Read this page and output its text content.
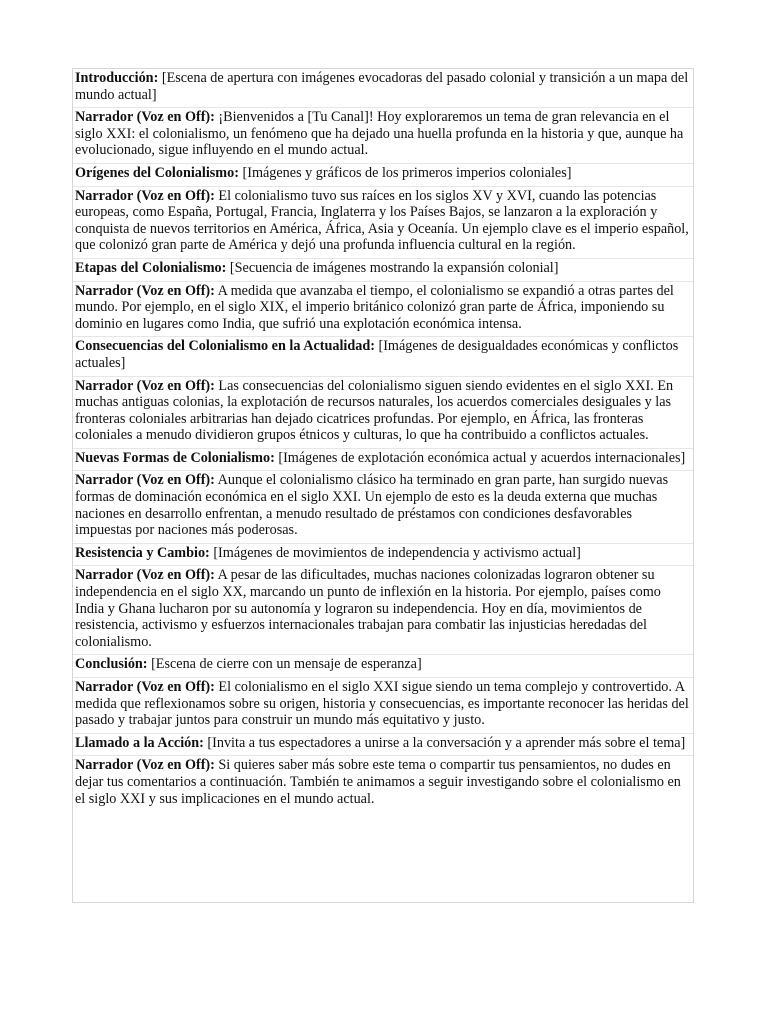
Introducción: [Escena de apertura con imágenes evocadoras del pasado colonial y transición a un mapa del mundo actual]

Narrador (Voz en Off): ¡Bienvenidos a [Tu Canal]! Hoy exploraremos un tema de gran relevancia en el siglo XXI: el colonialismo, un fenómeno que ha dejado una huella profunda en la historia y que, aunque ha evolucionado, sigue influyendo en el mundo actual.

Orígenes del Colonialismo: [Imágenes y gráficos de los primeros imperios coloniales]

Narrador (Voz en Off): El colonialismo tuvo sus raíces en los siglos XV y XVI, cuando las potencias europeas, como España, Portugal, Francia, Inglaterra y los Países Bajos, se lanzaron a la exploración y conquista de nuevos territorios en América, África, Asia y Oceanía. Un ejemplo clave es el imperio español, que colonizó gran parte de América y dejó una profunda influencia cultural en la región.

Etapas del Colonialismo: [Secuencia de imágenes mostrando la expansión colonial]

Narrador (Voz en Off): A medida que avanzaba el tiempo, el colonialismo se expandió a otras partes del mundo. Por ejemplo, en el siglo XIX, el imperio británico colonizó gran parte de África, imponiendo su dominio en lugares como India, que sufrió una explotación económica intensa.

Consecuencias del Colonialismo en la Actualidad: [Imágenes de desigualdades económicas y conflictos actuales]

Narrador (Voz en Off): Las consecuencias del colonialismo siguen siendo evidentes en el siglo XXI. En muchas antiguas colonias, la explotación de recursos naturales, los acuerdos comerciales desiguales y las fronteras coloniales arbitrarias han dejado cicatrices profundas. Por ejemplo, en África, las fronteras coloniales a menudo dividieron grupos étnicos y culturas, lo que ha contribuido a conflictos actuales.

Nuevas Formas de Colonialismo: [Imágenes de explotación económica actual y acuerdos internacionales]

Narrador (Voz en Off): Aunque el colonialismo clásico ha terminado en gran parte, han surgido nuevas formas de dominación económica en el siglo XXI. Un ejemplo de esto es la deuda externa que muchas naciones en desarrollo enfrentan, a menudo resultado de préstamos con condiciones desfavorables impuestas por naciones más poderosas.

Resistencia y Cambio: [Imágenes de movimientos de independencia y activismo actual]

Narrador (Voz en Off): A pesar de las dificultades, muchas naciones colonizadas lograron obtener su independencia en el siglo XX, marcando un punto de inflexión en la historia. Por ejemplo, países como India y Ghana lucharon por su autonomía y lograron su independencia. Hoy en día, movimientos de resistencia, activismo y esfuerzos internacionales trabajan para combatir las injusticias heredadas del colonialismo.

Conclusión: [Escena de cierre con un mensaje de esperanza]

Narrador (Voz en Off): El colonialismo en el siglo XXI sigue siendo un tema complejo y controvertido. A medida que reflexionamos sobre su origen, historia y consecuencias, es importante reconocer las heridas del pasado y trabajar juntos para construir un mundo más equitativo y justo.

Llamado a la Acción: [Invita a tus espectadores a unirse a la conversación y a aprender más sobre el tema]

Narrador (Voz en Off): Si quieres saber más sobre este tema o compartir tus pensamientos, no dudes en dejar tus comentarios a continuación. También te animamos a seguir investigando sobre el colonialismo en el siglo XXI y sus implicaciones en el mundo actual.
